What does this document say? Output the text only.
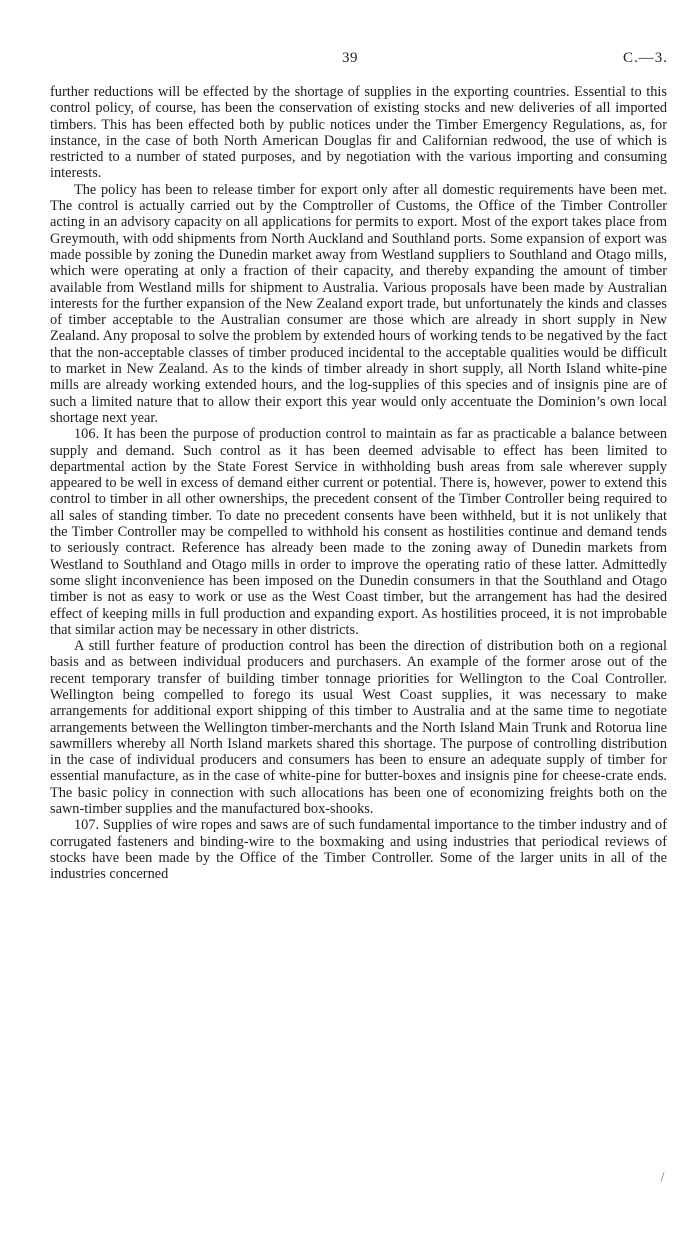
39	C.—3.

further reductions will be effected by the shortage of supplies in the exporting countries. Essential to this control policy, of course, has been the conservation of existing stocks and new deliveries of all imported timbers. This has been effected both by public notices under the Timber Emergency Regulations, as, for instance, in the case of both North American Douglas fir and Californian redwood, the use of which is restricted to a number of stated purposes, and by negotiation with the various importing and consuming interests.

The policy has been to release timber for export only after all domestic requirements have been met. The control is actually carried out by the Comptroller of Customs, the Office of the Timber Controller acting in an advisory capacity on all applications for permits to export. Most of the export takes place from Greymouth, with odd shipments from North Auckland and Southland ports. Some expansion of export was made possible by zoning the Dunedin market away from Westland suppliers to Southland and Otago mills, which were operating at only a fraction of their capacity, and thereby expanding the amount of timber available from Westland mills for shipment to Australia. Various proposals have been made by Australian interests for the further expansion of the New Zealand export trade, but unfortunately the kinds and classes of timber acceptable to the Australian consumer are those which are already in short supply in New Zealand. Any proposal to solve the problem by extended hours of working tends to be negatived by the fact that the non-acceptable classes of timber produced incidental to the acceptable qualities would be difficult to market in New Zealand. As to the kinds of timber already in short supply, all North Island white-pine mills are already working extended hours, and the log-supplies of this species and of insignis pine are of such a limited nature that to allow their export this year would only accentuate the Dominion’s own local shortage next year.

106. It has been the purpose of production control to maintain as far as practicable a balance between supply and demand. Such control as it has been deemed advisable to effect has been limited to departmental action by the State Forest Service in withholding bush areas from sale wherever supply appeared to be well in excess of demand either current or potential. There is, however, power to extend this control to timber in all other ownerships, the precedent consent of the Timber Controller being required to all sales of standing timber. To date no precedent consents have been withheld, but it is not unlikely that the Timber Controller may be compelled to withhold his consent as hostilities continue and demand tends to seriously contract. Reference has already been made to the zoning away of Dunedin markets from Westland to Southland and Otago mills in order to improve the operating ratio of these latter. Admittedly some slight inconvenience has been imposed on the Dunedin consumers in that the Southland and Otago timber is not as easy to work or use as the West Coast timber, but the arrangement has had the desired effect of keeping mills in full production and expanding export. As hostilities proceed, it is not improbable that similar action may be necessary in other districts.

A still further feature of production control has been the direction of distribution both on a regional basis and as between individual producers and purchasers. An example of the former arose out of the recent temporary transfer of building timber tonnage priorities for Wellington to the Coal Controller. Wellington being compelled to forego its usual West Coast supplies, it was necessary to make arrangements for additional export shipping of this timber to Australia and at the same time to negotiate arrangements between the Wellington timber-merchants and the North Island Main Trunk and Rotorua line sawmillers whereby all North Island markets shared this shortage. The purpose of controlling distribution in the case of individual producers and consumers has been to ensure an adequate supply of timber for essential manufacture, as in the case of white-pine for butter-boxes and insignis pine for cheese-crate ends. The basic policy in connection with such allocations has been one of economizing freights both on the sawn-timber supplies and the manufactured box-shooks.

107. Supplies of wire ropes and saws are of such fundamental importance to the timber industry and of corrugated fasteners and binding-wire to the boxmaking and using industries that periodical reviews of stocks have been made by the Office of the Timber Controller. Some of the larger units in all of the industries concerned
